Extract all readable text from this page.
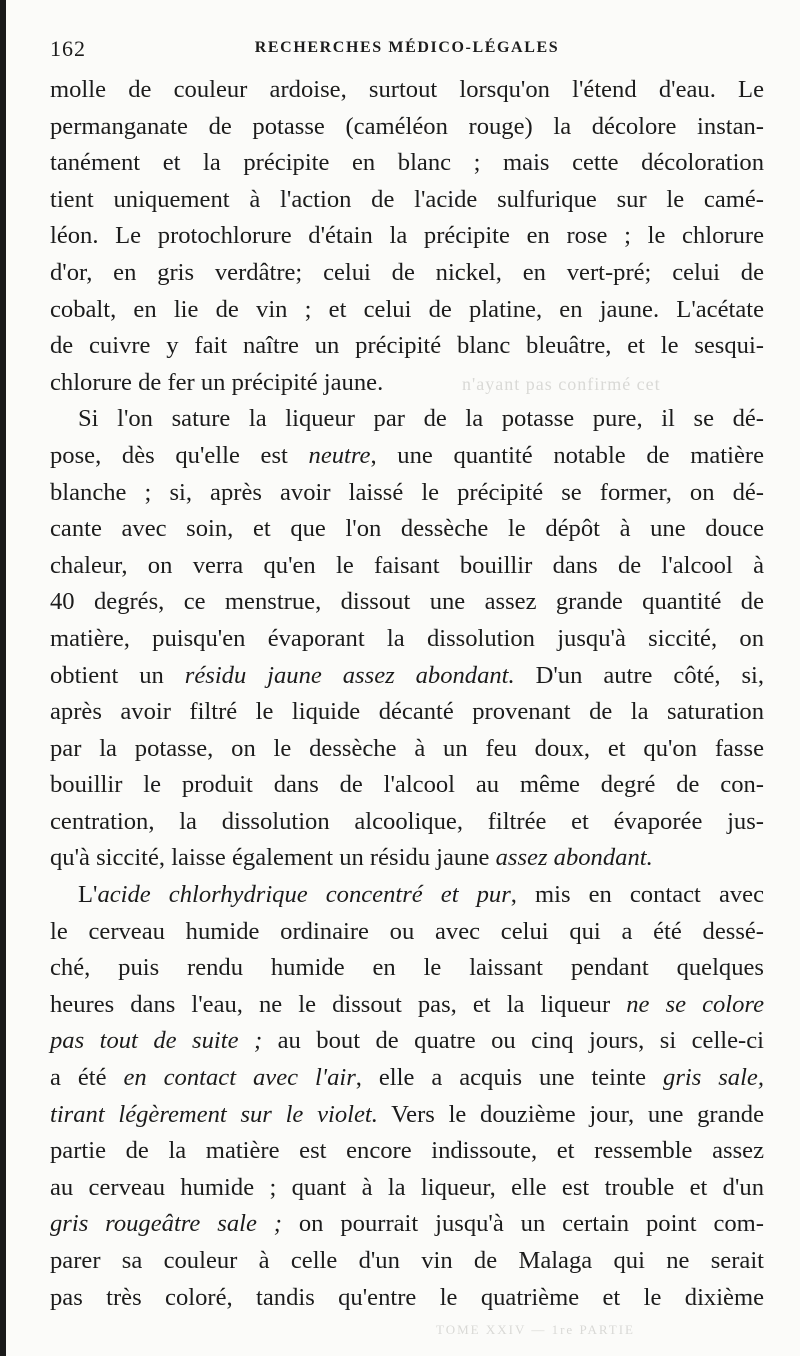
162	RECHERCHES MÉDICO-LÉGALES
molle de couleur ardoise, surtout lorsqu'on l'étend d'eau. Le
permanganate de potasse (caméléon rouge) la décolore instan-
tanément et la précipite en blanc ; mais cette décoloration
tient uniquement à l'action de l'acide sulfurique sur le camé-
léon. Le protochlorure d'étain la précipite en rose ; le chlorure
d'or, en gris verdâtre; celui de nickel, en vert-pré; celui de
cobalt, en lie de vin ; et celui de platine, en jaune. L'acétate
de cuivre y fait naître un précipité blanc bleuâtre, et le sesqui-
chlorure de fer un précipité jaune.
Si l'on sature la liqueur par de la potasse pure, il se dé-
pose, dès qu'elle est neutre, une quantité notable de matière
blanche ; si, après avoir laissé le précipité se former, on dé-
cante avec soin, et que l'on dessèche le dépôt à une douce
chaleur, on verra qu'en le faisant bouillir dans de l'alcool à
40 degrés, ce menstrue, dissout une assez grande quantité de
matière, puisqu'en évaporant la dissolution jusqu'à siccité, on
obtient un résidu jaune assez abondant. D'un autre côté, si,
après avoir filtré le liquide décanté provenant de la saturation
par la potasse, on le dessèche à un feu doux, et qu'on fasse
bouillir le produit dans de l'alcool au même degré de con-
centration, la dissolution alcoolique, filtrée et évaporée jus-
qu'à siccité, laisse également un résidu jaune assez abondant.
L'acide chlorhydrique concentré et pur, mis en contact avec
le cerveau humide ordinaire ou avec celui qui a été dessé-
ché, puis rendu humide en le laissant pendant quelques
heures dans l'eau, ne le dissout pas, et la liqueur ne se colore
pas tout de suite ; au bout de quatre ou cinq jours, si celle-ci
a été en contact avec l'air, elle a acquis une teinte gris sale,
tirant légèrement sur le violet. Vers le douzième jour, une grande
partie de la matière est encore indissoute, et ressemble assez
au cerveau humide ; quant à la liqueur, elle est trouble et d'un
gris rougeâtre sale ; on pourrait jusqu'à un certain point com-
parer sa couleur à celle d'un vin de Malaga qui ne serait
pas très coloré, tandis qu'entre le quatrième et le dixième
n'ayant pas confirmé cet
TOME XXIV — 1re PARTIE
